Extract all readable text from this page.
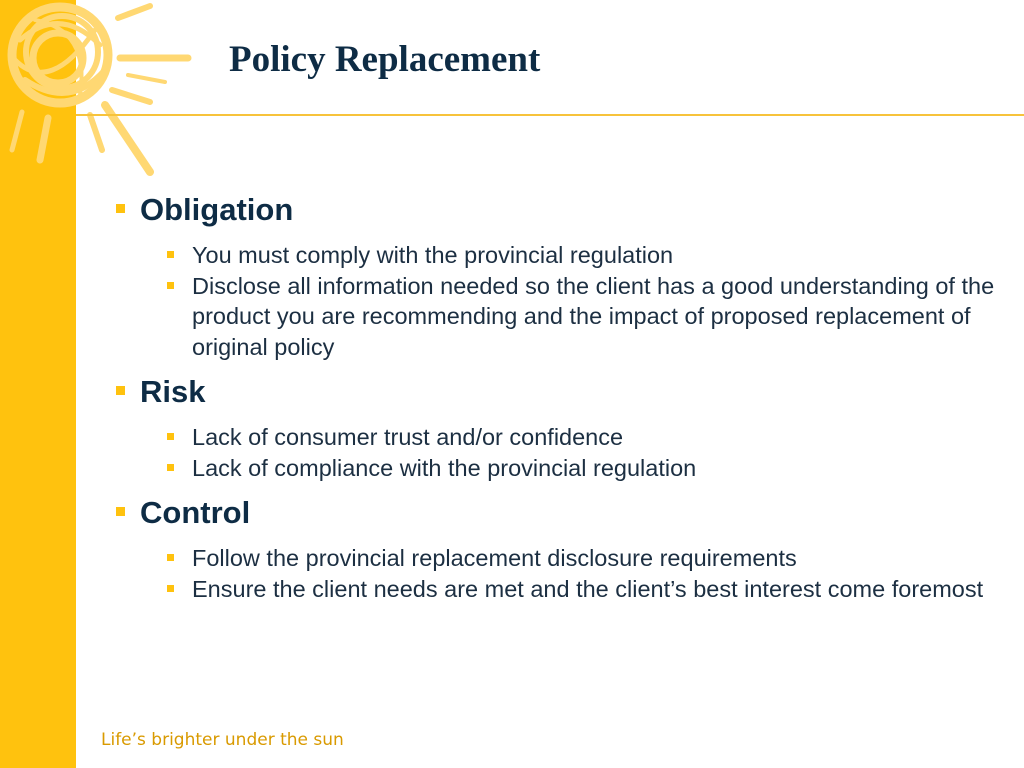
Policy Replacement
Obligation
You must comply with the provincial regulation
Disclose all information needed so the client has a good understanding of the product you are recommending and the impact of proposed replacement of original policy
Risk
Lack of consumer trust and/or confidence
Lack of compliance with the provincial regulation
Control
Follow the provincial replacement disclosure requirements
Ensure the client needs are met and the client’s best interest come foremost
Life’s brighter under the sun
